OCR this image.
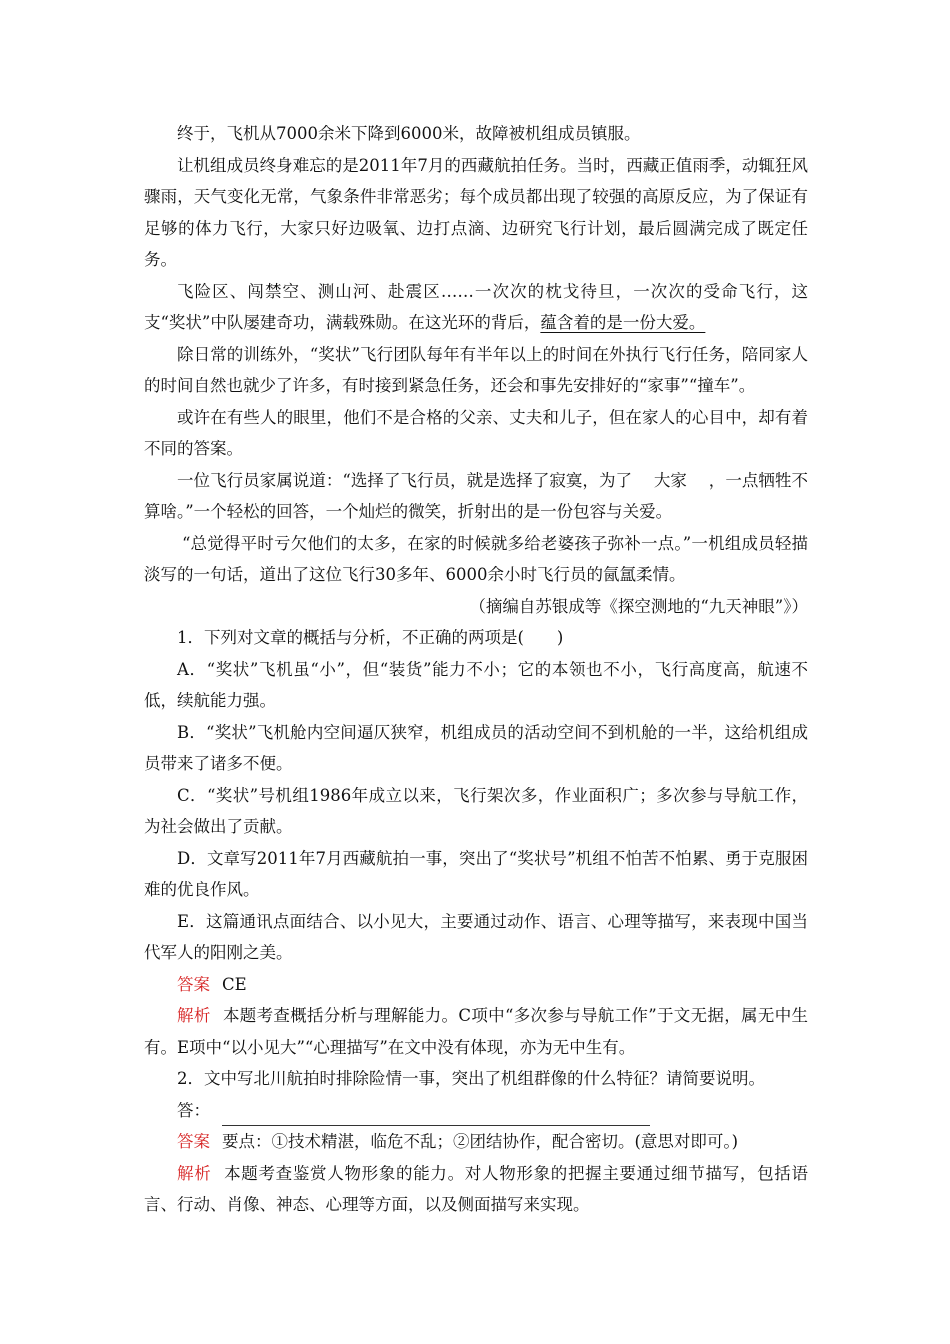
终于，飞机从7000余米下降到6000米，故障被机组成员镇服。

让机组成员终身难忘的是2011年7月的西藏航拍任务。当时，西藏正值雨季，动辄狂风骤雨，天气变化无常，气象条件非常恶劣；每个成员都出现了较强的高原反应，为了保证有足够的体力飞行，大家只好边吸氧、边打点滴、边研究飞行计划，最后圆满完成了既定任务。

飞险区、闯禁空、测山河、赴震区……一次次的枕戈待旦，一次次的受命飞行，这支“奖状”中队屡建奇功，满载殊勋。在这光环的背后，蕴含着的是一份大爱。

除日常的训练外，“奖状”飞行团队每年有半年以上的时间在外执行飞行任务，陪同家人的时间自然也就少了许多，有时接到紧急任务，还会和事先安排好的“家事”“撞车”。

或许在有些人的眼里，他们不是合格的父亲、丈夫和儿子，但在家人的心目中，却有着不同的答案。

一位飞行员家属说道：“选择了飞行员，就是选择了寂寞，为了　 大家　 ，一点牺牲不算啥。”一个轻松的回答，一个灿烂的微笑，折射出的是一份包容与关爱。

“总觉得平时亏欠他们的太多，在家的时候就多给老婆孩子弥补一点。”一机组成员轻描淡写的一句话，道出了这位飞行30多年、6000余小时飞行员的氤氲柔情。

（摘编自苏银成等《探空测地的“九天神眼”》）

1．下列对文章的概括与分析，不正确的两项是(　　)

A．“奖状”飞机虽“小”，但“装货”能力不小；它的本领也不小，飞行高度高，航速不低，续航能力强。

B．“奖状”飞机舱内空间逼仄狭窄，机组成员的活动空间不到机舱的一半，这给机组成员带来了诸多不便。

C．“奖状”号机组1986年成立以来，飞行架次多，作业面积广；多次参与导航工作，为社会做出了贡献。

D．文章写2011年7月西藏航拍一事，突出了“奖状号”机组不怕苦不怕累、勇于克服困难的优良作风。

E．这篇通讯点面结合、以小见大，主要通过动作、语言、心理等描写，来表现中国当代军人的阳刚之美。

答案 CE

解析 本题考查概括分析与理解能力。C项中“多次参与导航工作”于文无据，属无中生有。E项中“以小见大”“心理描写”在文中没有体现，亦为无中生有。

2．文中写北川航拍时排除险情一事，突出了机组群像的什么特征？请简要说明。

答：

答案 要点：①技术精湛，临危不乱；②团结协作，配合密切。(意思对即可。)

解析 本题考查鉴赏人物形象的能力。对人物形象的把握主要通过细节描写，包括语言、行动、肖像、神态、心理等方面，以及侧面描写来实现。
